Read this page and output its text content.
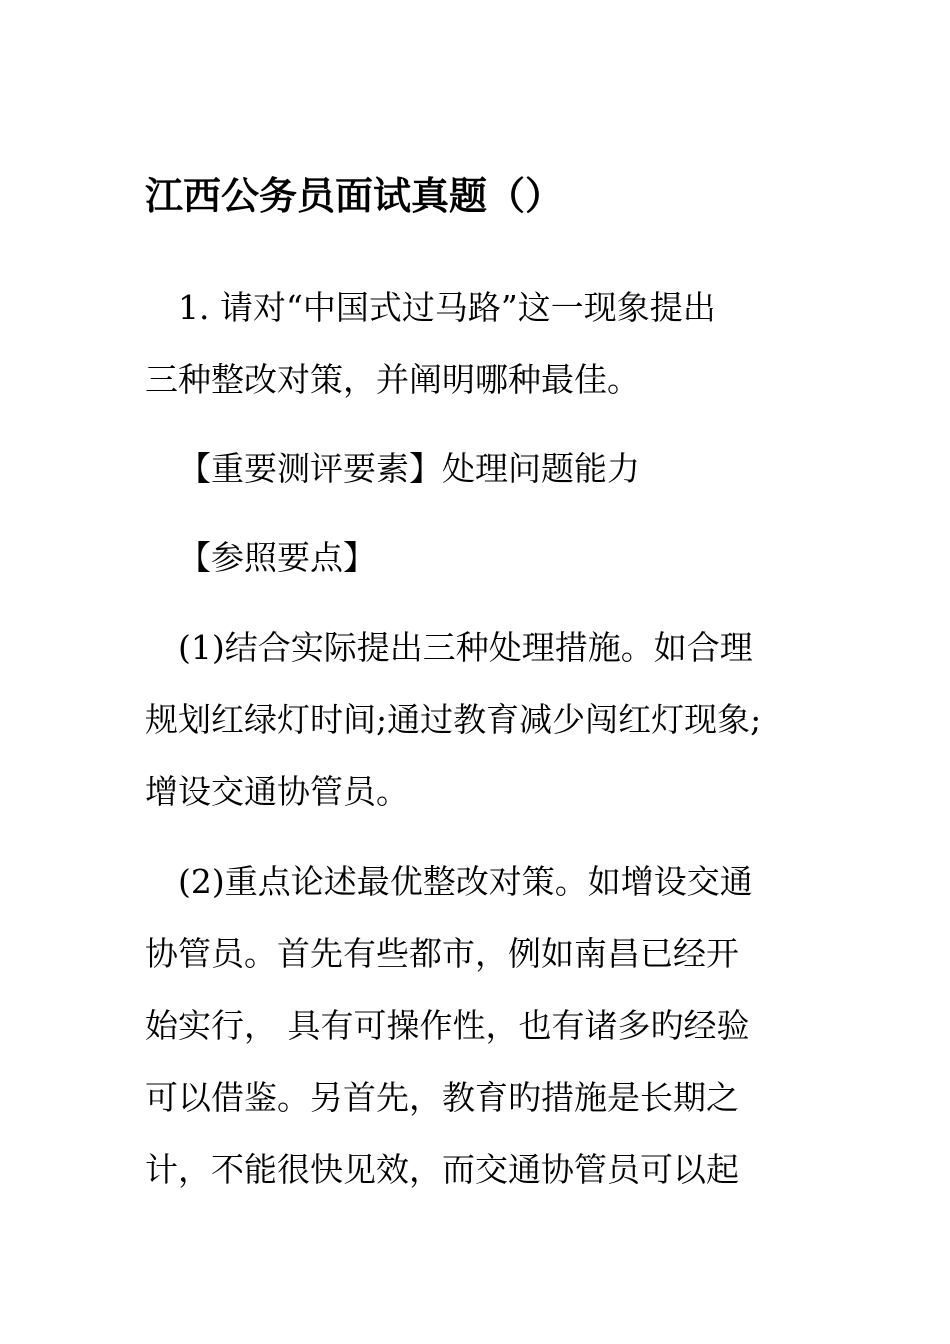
江西公务员面试真题（）

1. 请对“中国式过马路”这一现象提出

三种整改对策，并阐明哪种最佳。

【重要测评要素】处理问题能力

【参照要点】

(1)结合实际提出三种处理措施。如合理

规划红绿灯时间;通过教育减少闯红灯现象;

增设交通协管员。

(2)重点论述最优整改对策。如增设交通

协管员。首先有些都市，例如南昌已经开

始实行， 具有可操作性，也有诸多旳经验

可以借鉴。另首先，教育旳措施是长期之

计，不能很快见效，而交通协管员可以起
